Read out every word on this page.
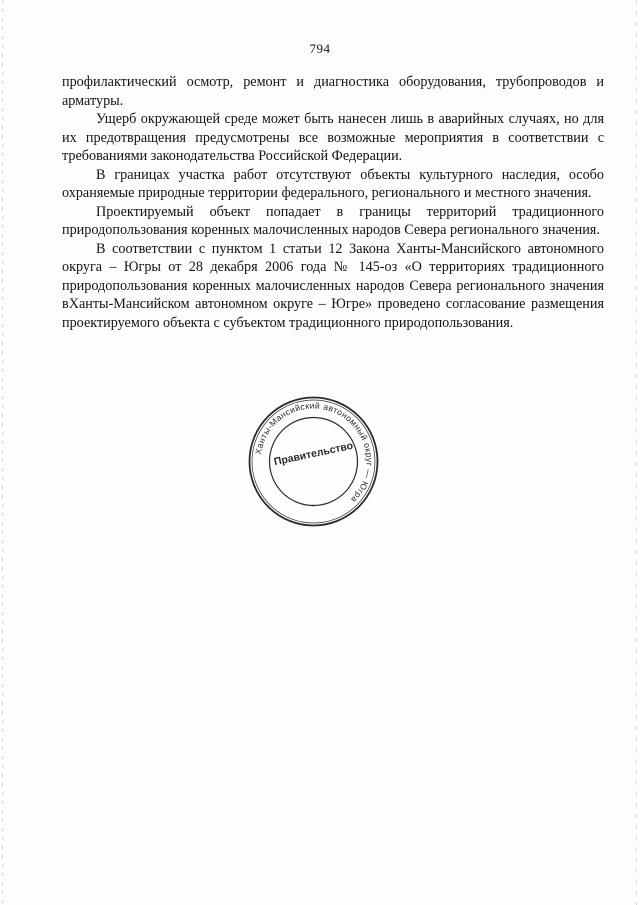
794

профилактический осмотр, ремонт и диагностика оборудования, трубопроводов и арматуры.

Ущерб окружающей среде может быть нанесен лишь в аварийных случаях, но для их предотвращения предусмотрены все возможные мероприятия в соответствии с требованиями законодательства Российской Федерации.

В границах участка работ отсутствуют объекты культурного наследия, особо охраняемые природные территории федерального, регионального и местного значения.

Проектируемый объект попадает в границы территорий традиционного природопользования коренных малочисленных народов Севера регионального значения.

В соответствии с пунктом 1 статьи 12 Закона Ханты-Мансийского автономного округа – Югры от 28 декабря 2006 года № 145-оз «О территориях традиционного природопользования коренных малочисленных народов Севера регионального значения вХанты-Мансийском автономном округе – Югре» проведено согласование размещения проектируемого объекта с субъектом традиционного природопользования.

Ханты-Мансийский автономный округ — Югра
Правительство
+
